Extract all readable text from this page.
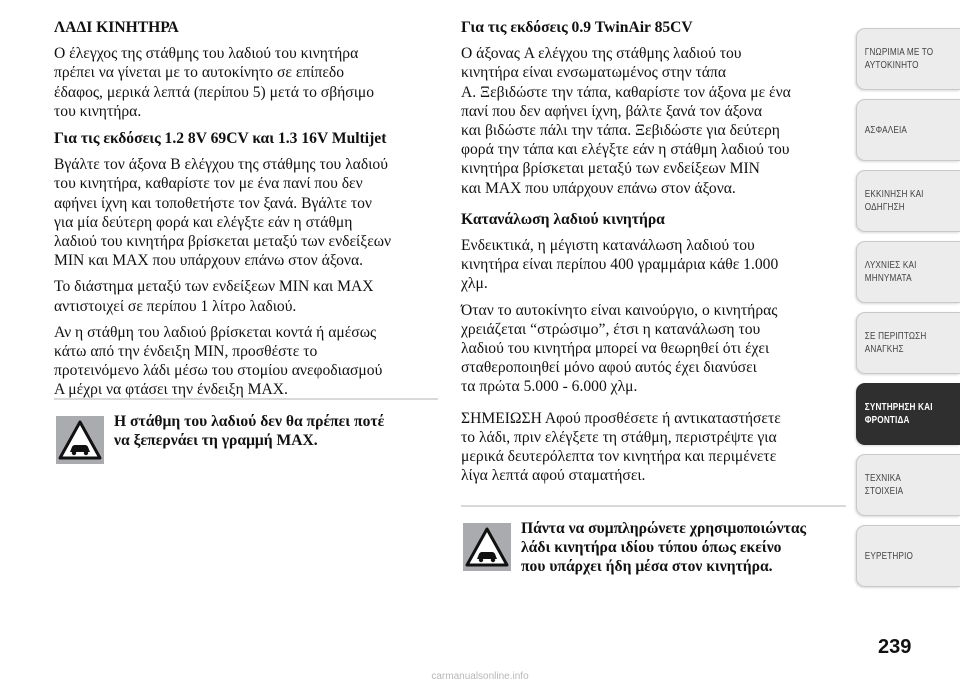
ΛΑΔΙ ΚΙΝΗΤΗΡΑ

Ο έλεγχος της στάθμης του λαδιού του κινητήρα
πρέπει να γίνεται με το αυτοκίνητο σε επίπεδο
έδαφος, μερικά λεπτά (περίπου 5) μετά το σβήσιμο
του κινητήρα.

Για τις εκδόσεις 1.2 8V 69CV και 1.3 16V Multijet

Βγάλτε τον άξονα B ελέγχου της στάθμης του λαδιού
του κινητήρα, καθαρίστε τον με ένα πανί που δεν
αφήνει ίχνη και τοποθετήστε τον ξανά. Βγάλτε τον
για μία δεύτερη φορά και ελέγξτε εάν η στάθμη
λαδιού του κινητήρα βρίσκεται μεταξύ των ενδείξεων
MIN και MAX που υπάρχουν επάνω στον άξονα.

Το διάστημα μεταξύ των ενδείξεων MIN και MAX
αντιστοιχεί σε περίπου 1 λίτρο λαδιού.

Αν η στάθμη του λαδιού βρίσκεται κοντά ή αμέσως
κάτω από την ένδειξη MIN, προσθέστε το
προτεινόμενο λάδι μέσω του στομίου ανεφοδιασμού
A μέχρι να φτάσει την ένδειξη MAX.

Η στάθμη του λαδιού δεν θα πρέπει ποτέ
να ξεπερνάει τη γραμμή MAX.
Για τις εκδόσεις 0.9 TwinAir 85CV

Ο άξονας A ελέγχου της στάθμης λαδιού του
κινητήρα είναι ενσωματωμένος στην τάπα
A. Ξεβιδώστε την τάπα, καθαρίστε τον άξονα με ένα
πανί που δεν αφήνει ίχνη, βάλτε ξανά τον άξονα
και βιδώστε πάλι την τάπα. Ξεβιδώστε για δεύτερη
φορά την τάπα και ελέγξτε εάν η στάθμη λαδιού του
κινητήρα βρίσκεται μεταξύ των ενδείξεων MIN
και MAX που υπάρχουν επάνω στον άξονα.

Κατανάλωση λαδιού κινητήρα

Ενδεικτικά, η μέγιστη κατανάλωση λαδιού του
κινητήρα είναι περίπου 400 γραμμάρια κάθε 1.000
χλμ.

Όταν το αυτοκίνητο είναι καινούργιο, ο κινητήρας
χρειάζεται “στρώσιμο”, έτσι η κατανάλωση του
λαδιού του κινητήρα μπορεί να θεωρηθεί ότι έχει
σταθεροποιηθεί μόνο αφού αυτός έχει διανύσει
τα πρώτα 5.000 - 6.000 χλμ.

ΣΗΜΕΙΩΣΗ Αφού προσθέσετε ή αντικαταστήσετε
το λάδι, πριν ελέγξετε τη στάθμη, περιστρέψτε για
μερικά δευτερόλεπτα τον κινητήρα και περιμένετε
λίγα λεπτά αφού σταματήσει.

Πάντα να συμπληρώνετε χρησιμοποιώντας
λάδι κινητήρα ιδίου τύπου όπως εκείνο
που υπάρχει ήδη μέσα στον κινητήρα.
ΓΝΩΡΙΜΙΑ ΜΕ ΤΟ
ΑΥΤΟΚΙΝΗΤΟ
ΑΣΦΑΛΕΙΑ
ΕΚΚΙΝΗΣΗ ΚΑΙ
ΟΔΗΓΗΣΗ
ΛΥΧΝΙΕΣ ΚΑΙ
ΜΗΝΥΜΑΤΑ
ΣΕ ΠΕΡΙΠΤΩΣΗ
ΑΝΑΓΚΗΣ
ΣΥΝΤΗΡΗΣΗ ΚΑΙ
ΦΡΟΝΤΙΔΑ
ΤΕΧΝΙΚΑ ΣΤΟΙΧΕΙΑ
ΕΥΡΕΤΗΡΙΟ
239
carmanualsonline.info
